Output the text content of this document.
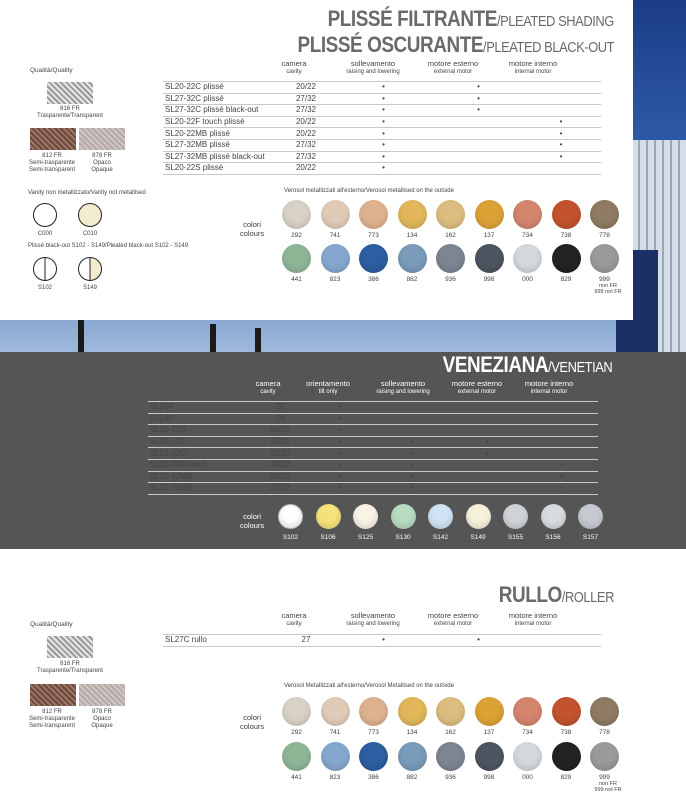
PLISSÉ FILTRANTE/PLEATED SHADING
PLISSÉ OSCURANTE/PLEATED BLACK-OUT
Qualità/Quality
816 FR
Trasparente/Transparent
812 FR
Semi-trasparente
Semi-transparent
878 FR
Opaco
Opaque
camera
cavity
sollevamento
raising and lowering
motore esterno
external motor
motore interno
internal motor
SL20-22C plissé	20/22	•	•	
SL27-32C plissé	27/32	•	•	
SL27-32C plissé black-out	27/32	•	•	
SL20-22F touch plissé	20/22	•		•
SL20-22MB plissé	20/22	•		•
SL27-32MB plissé	27/32	•		•
SL27-32MB plissé black-out	27/32	•		•
SL20-22S plissé	20/22	•		
Vanity non metallizzato/Vanity not metallised
C000	C010
Plissé black-out S102 - S149/Pleated black-out S102 - S149
S102	S149
Verosol metallizzati all'esterno/Verosol metallised on the outside
colori
colours	292	741	773	134	162	137	734	738	778
441	823	386	882	936	998	000	829	999
VENEZIANA/VENETIAN
camera
cavity
orientamento
tilt only
sollevamento
raising and lowering
motore esterno
external motor
motore interno
internal motor
SL20P	20	•			
SL24P	24	•			
SL20-22B	20/22	•			
SL20-22C	20/22	•	•	•	
SL27-32C	27/32	•	•	•	
SL20-22F touch	20/22	•	•		•
SL20-22MB	20/22	•	•		•
SL27-32MB	27/32	•	•		•
colori
colours
S102	S106	S125	S130	S142	S149	S155	S156	S157
RULLO/ROLLER
Qualità/Quality
816 FR
Trasparente/Transparent
812 FR
Semi-trasparente
Semi-transparent
878 FR
Opaco
Opaque
camera
cavity
sollevamento
raising and lowering
motore esterno
external motor
motore interno
internal motor
SL27C rullo	27	•	•	
Verosol Metallizzati all'esterno/Verosol Metallised on the outside
colori
colours
292	741	773	134	162	137	734	738	778
441	823	386	882	936	998	000	829	999
non FR
999 not FR
non FR
999 not FR
